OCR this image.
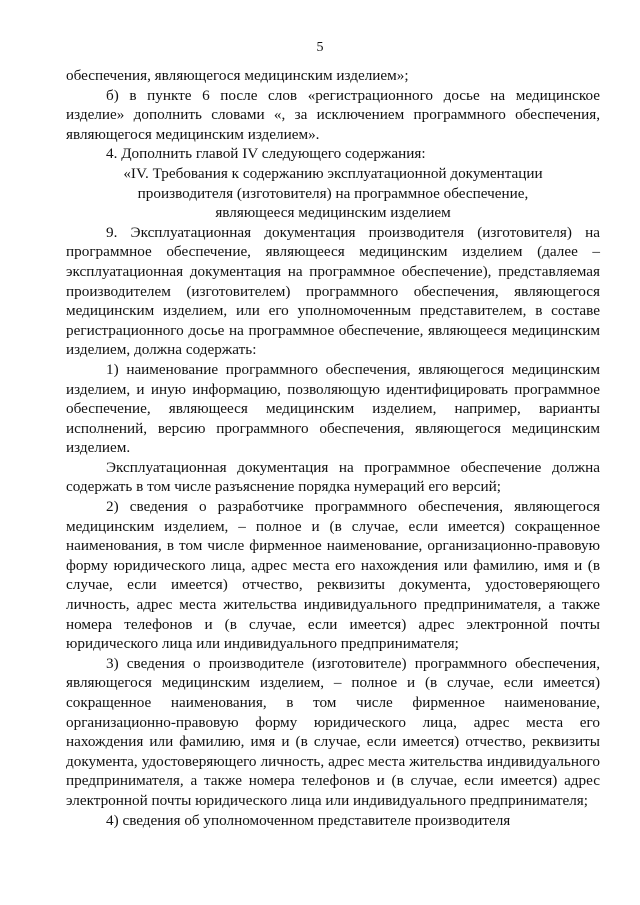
5

обеспечения, являющегося медицинским изделием»;

б) в пункте 6 после слов «регистрационного досье на медицинское изделие» дополнить словами «, за исключением программного обеспечения, являющегося медицинским изделием».

4. Дополнить главой IV следующего содержания:

«IV. Требования к содержанию эксплуатационной документации
производителя (изготовителя) на программное обеспечение,
являющееся медицинским изделием

9. Эксплуатационная документация производителя (изготовителя) на программное обеспечение, являющееся медицинским изделием (далее – эксплуатационная документация на программное обеспечение), представляемая производителем (изготовителем) программного обеспечения, являющегося медицинским изделием, или его уполномоченным представителем, в составе регистрационного досье на программное обеспечение, являющееся медицинским изделием, должна содержать:

1) наименование программного обеспечения, являющегося медицинским изделием, и иную информацию, позволяющую идентифицировать программное обеспечение, являющееся медицинским изделием, например, варианты исполнений, версию программного обеспечения, являющегося медицинским изделием.

Эксплуатационная документация на программное обеспечение должна содержать в том числе разъяснение порядка нумераций его версий;

2) сведения о разработчике программного обеспечения, являющегося медицинским изделием, – полное и (в случае, если имеется) сокращенное наименования, в том числе фирменное наименование, организационно-правовую форму юридического лица, адрес места его нахождения или фамилию, имя и (в случае, если имеется) отчество, реквизиты документа, удостоверяющего личность, адрес места жительства индивидуального предпринимателя, а также номера телефонов и (в случае, если имеется) адрес электронной почты юридического лица или индивидуального предпринимателя;

3) сведения о производителе (изготовителе) программного обеспечения, являющегося медицинским изделием, – полное и (в случае, если имеется) сокращенное наименования, в том числе фирменное наименование, организационно-правовую форму юридического лица, адрес места его нахождения или фамилию, имя и (в случае, если имеется) отчество, реквизиты документа, удостоверяющего личность, адрес места жительства индивидуального предпринимателя, а также номера телефонов и (в случае, если имеется) адрес электронной почты юридического лица или индивидуального предпринимателя;

4) сведения об уполномоченном представителе производителя
